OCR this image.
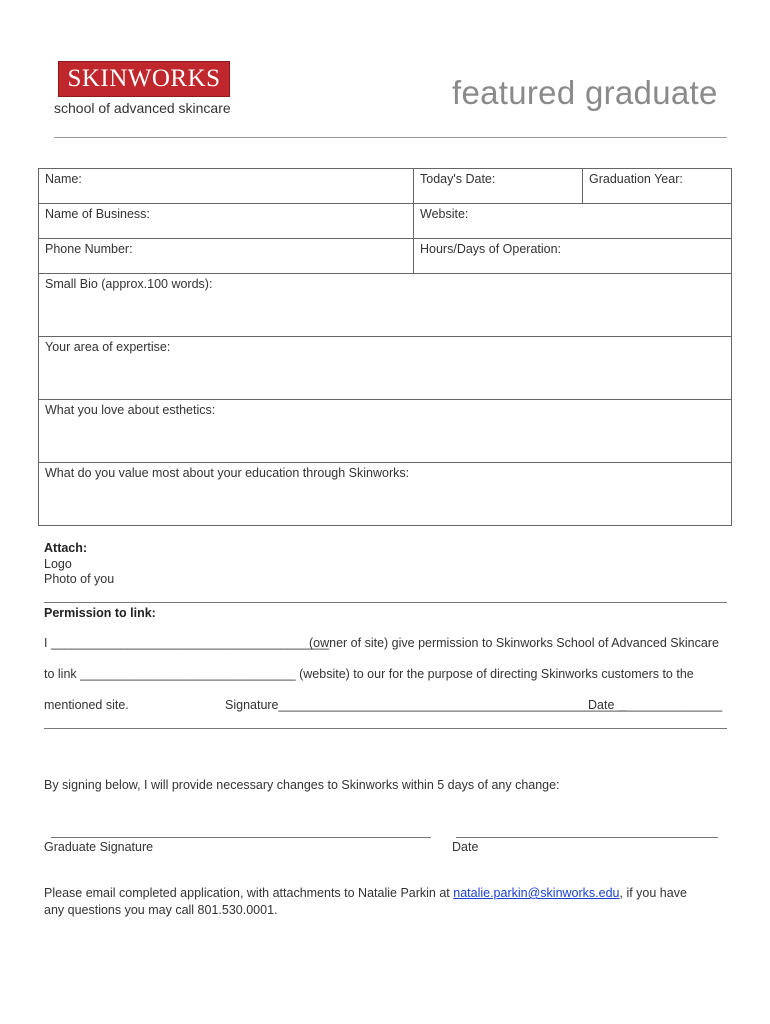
SKINWORKS
school of advanced skincare	featured graduate
Name:	Today's Date:	Graduation Year:
Name of Business:	Website:	
Phone Number:	Hours/Days of Operation:	
Small Bio (approx.100 words):		
Your area of expertise:		
What you love about esthetics:		
What do you value most about your education through Skinworks:		
Attach:
Logo
Photo of you
Permission to link:
I ________________________________________
(owner of site) give permission to Skinworks School of Advanced Skincare
to link _______________________________ (website) to our for the purpose of directing Skinworks customers to the
mentioned site.	Signature__________________________________________________
Date _______________
By signing below, I will provide necessary changes to Skinworks within 5 days of any change:
Graduate Signature	Date
Please email completed application, with attachments to Natalie Parkin at natalie.parkin@skinworks.edu, if you have
any questions you may call 801.530.0001.
